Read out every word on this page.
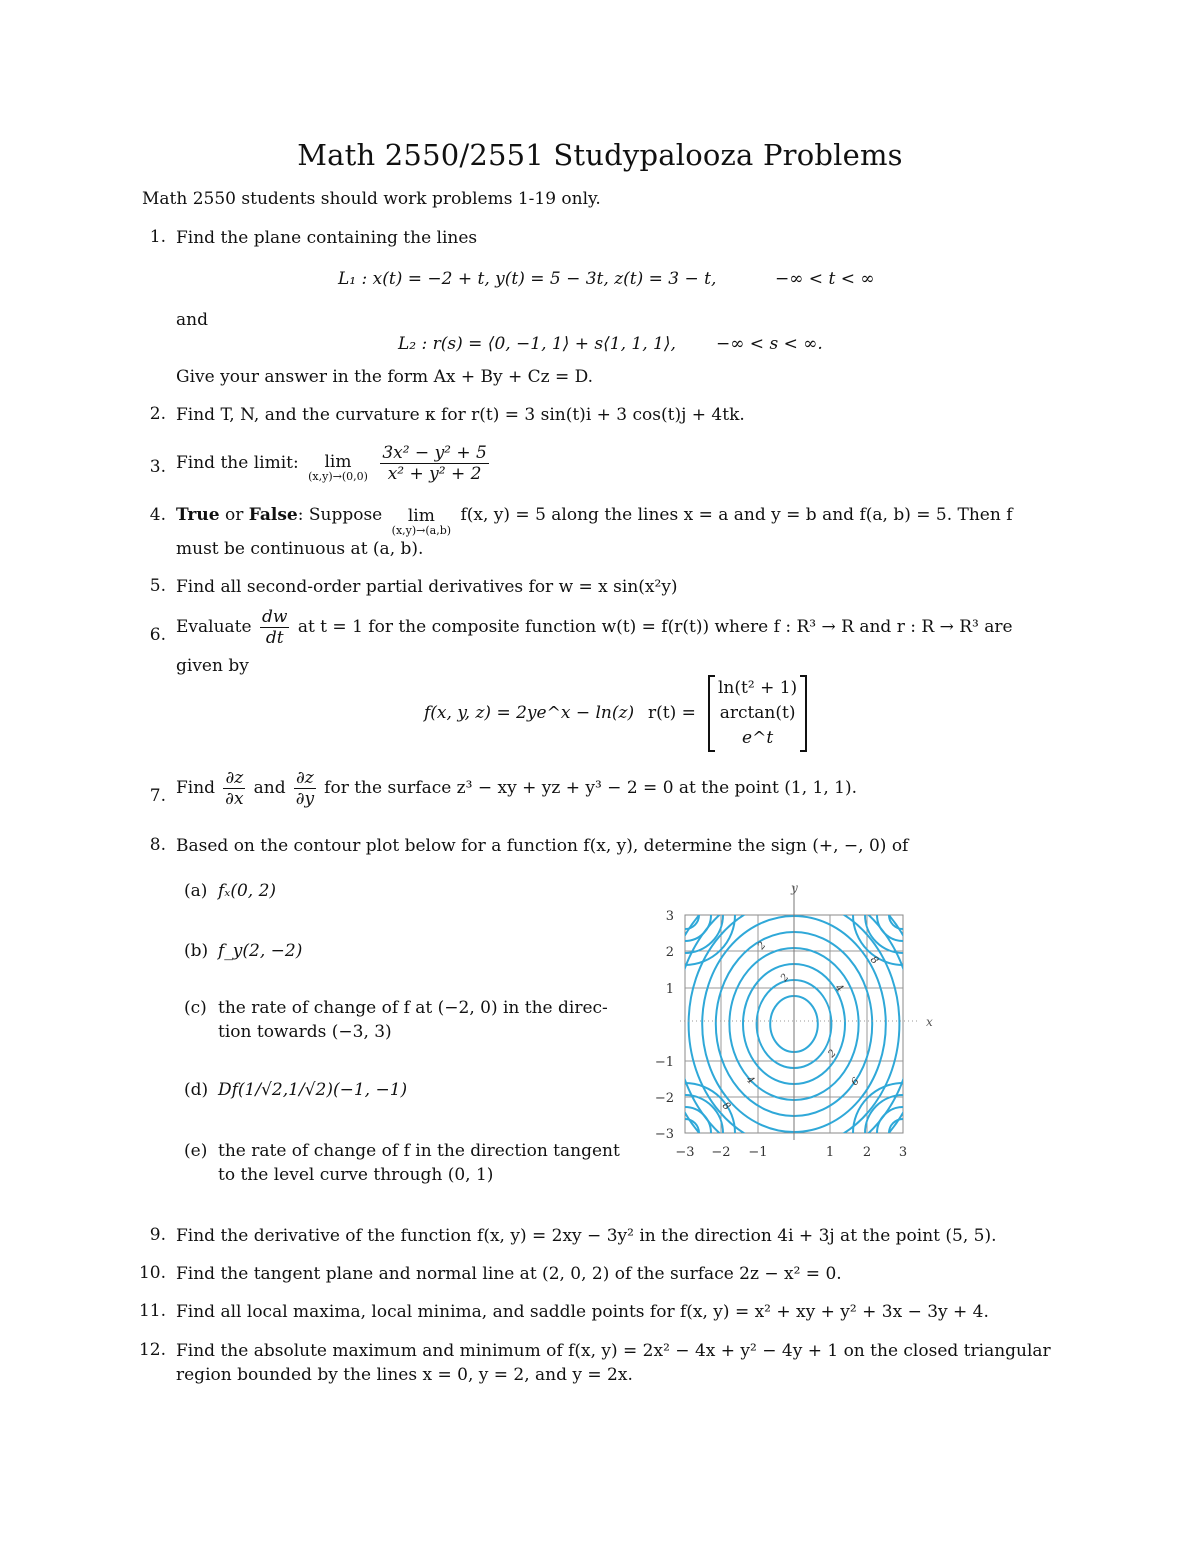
Math 2550/2551 Studypalooza Problems
Math 2550 students should work problems 1-19 only.
1. Find the plane containing the lines
L₁ : x(t) = −2 + t, y(t) = 5 − 3t, z(t) = 3 − t,	−∞ < t < ∞
and
L₂ : r(s) = ⟨0, −1, 1⟩ + s⟨1, 1, 1⟩, −∞ < s < ∞.
Give your answer in the form Ax + By + Cz = D.
2. Find T, N, and the curvature κ for r(t) = 3 sin(t)i + 3 cos(t)j + 4tk.
3. Find the limit:	lim
(x,y)→(0,0)
$\frac{\text{3x² − y² + 5}}{\text{x² + y² + 2}}$
4. True or False: Suppose	lim
(x,y)→(a,b)
f(x, y) = 5 along the lines x = a and y = b and f(a, b) = 5. Then f
must be continuous at (a, b).
5. Find all second-order partial derivatives for w = x sin(x²y)
6. Evaluate $\frac{dw}{dt}$ at t = 1 for the composite function w(t) = f(r(t)) where f : R³ → R and r : R → R³ are
given by
f(x, y, z) = 2ye^x − ln(z) r(t) =
ln(t² + 1)
arctan(t)
e^t
7. Find $\frac{\partial z}{\partial x}$ and $\frac{\partial z}{\partial y}$ for the surface z³ − xy + yz + y³ − 2 = 0 at the point (1, 1, 1).
8. Based on the contour plot below for a function f(x, y), determine the sign (+, −, 0) of
(a) fₓ(0, 2)
(b) f_y(2, −2)
(c) the rate of change of f at (−2, 0) in the direc-
tion towards (−3, 3)
(d) Df(1/√2,1/√2)(−1, −1)
(e) the rate of change of f in the direction tangent
to the level curve through (0, 1)
y
x
−3 −2 −1	1 2 3
3
2
1
−1
−2
−3
2
2
4
8
2
6
4
8
9. Find the derivative of the function f(x, y) = 2xy − 3y² in the direction 4i + 3j at the point (5, 5).
10. Find the tangent plane and normal line at (2, 0, 2) of the surface 2z − x² = 0.
11. Find all local maxima, local minima, and saddle points for f(x, y) = x² + xy + y² + 3x − 3y + 4.
12. Find the absolute maximum and minimum of f(x, y) = 2x² − 4x + y² − 4y + 1 on the closed triangular
region bounded by the lines x = 0, y = 2, and y = 2x.
